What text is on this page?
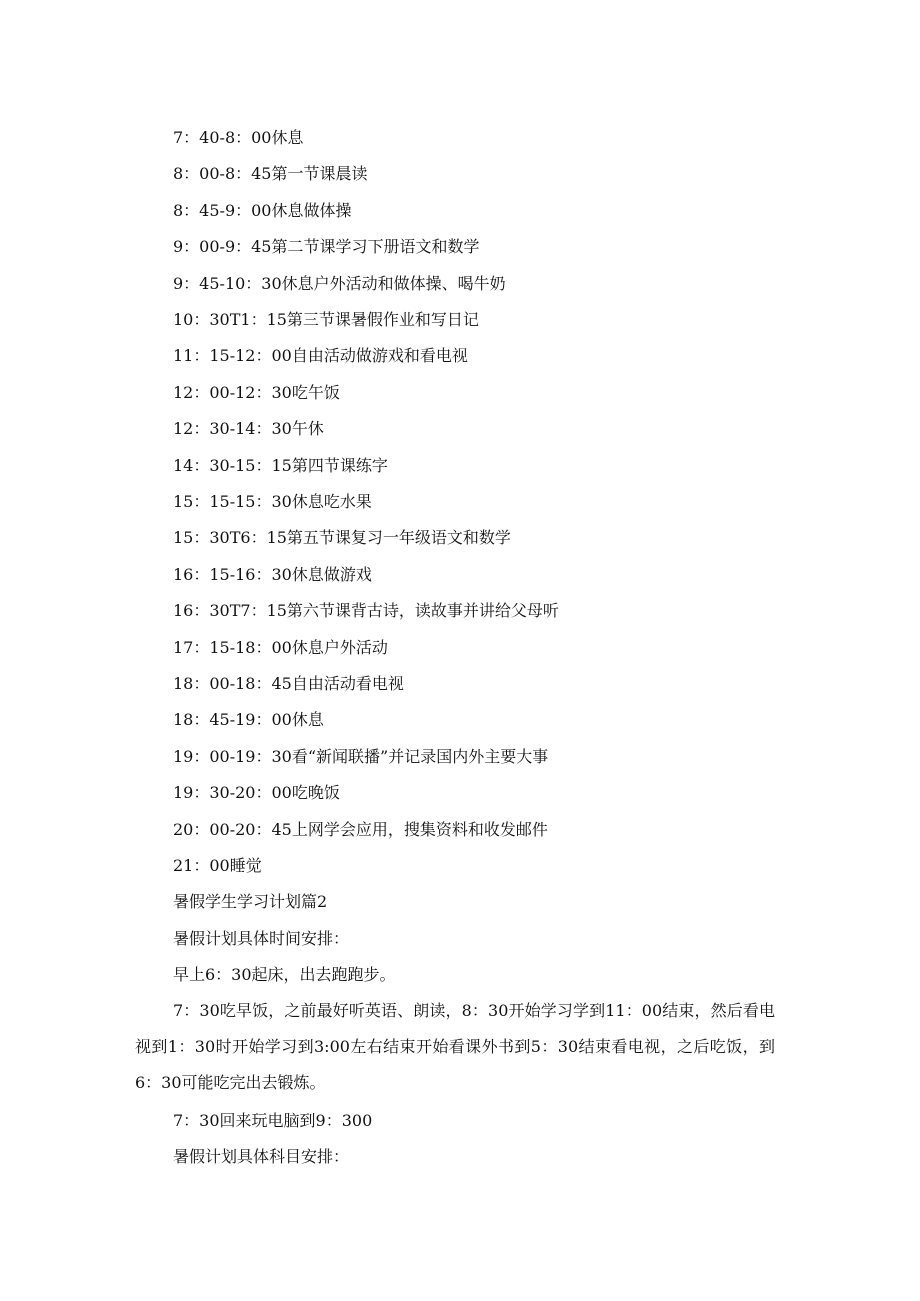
7：40-8：00休息
8：00-8：45第一节课晨读
8：45-9：00休息做体操
9：00-9：45第二节课学习下册语文和数学
9：45-10：30休息户外活动和做体操、喝牛奶
10：30T1：15第三节课暑假作业和写日记
11：15-12：00自由活动做游戏和看电视
12：00-12：30吃午饭
12：30-14：30午休
14：30-15：15第四节课练字
15：15-15：30休息吃水果
15：30T6：15第五节课复习一年级语文和数学
16：15-16：30休息做游戏
16：30T7：15第六节课背古诗，读故事并讲给父母听
17：15-18：00休息户外活动
18：00-18：45自由活动看电视
18：45-19：00休息
19：00-19：30看“新闻联播”并记录国内外主要大事
19：30-20：00吃晚饭
20：00-20：45上网学会应用，搜集资料和收发邮件
21：00睡觉
暑假学生学习计划篇2
暑假计划具体时间安排：
早上6：30起床，出去跑跑步。
7：30吃早饭，之前最好听英语、朗读，8：30开始学习学到11：00结束，然后看电视到1：30时开始学习到3:00左右结束开始看课外书到5：30结束看电视，之后吃饭，到6：30可能吃完出去锻炼。
7：30回来玩电脑到9：300
暑假计划具体科目安排：
